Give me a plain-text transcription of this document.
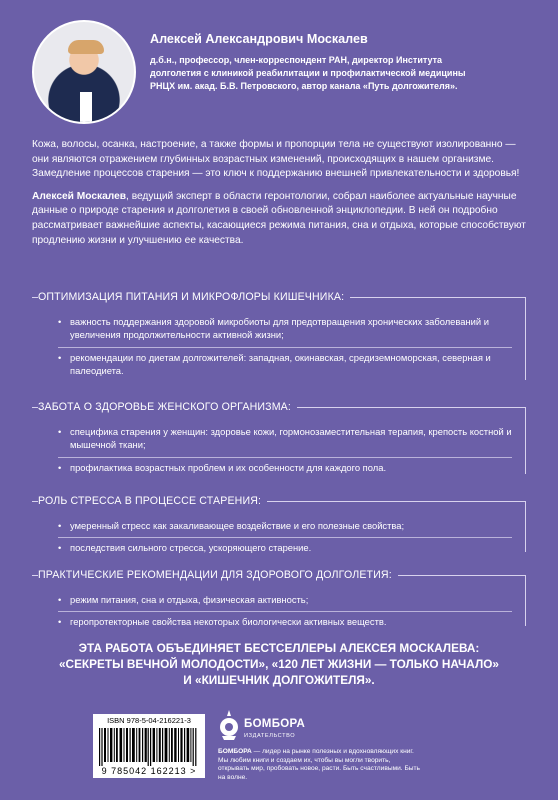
Алексей Александрович Москалев
д.б.н., профессор, член-корреспондент РАН, директор Института долголетия с клиникой реабилитации и профилактической медицины РНЦХ им. акад. Б.В. Петровского, автор канала «Путь долгожителя».

Кожа, волосы, осанка, настроение, а также формы и пропорции тела не существуют изолированно — они являются отражением глубинных возрастных изменений, происходящих в нашем организме. Замедление процессов старения — это ключ к поддержанию внешней привлекательности и здоровья!

Алексей Москалев, ведущий эксперт в области геронтологии, собрал наиболее актуальные научные данные о природе старения и долголетия в своей обновленной энциклопедии. В ней он подробно рассматривает важнейшие аспекты, касающиеся режима питания, сна и отдыха, которые способствуют продлению жизни и улучшению ее качества.

ОПТИМИЗАЦИЯ ПИТАНИЯ И МИКРОФЛОРЫ КИШЕЧНИКА:
• важность поддержания здоровой микробиоты для предотвращения хронических заболеваний и увеличения продолжительности активной жизни;
• рекомендации по диетам долгожителей: западная, окинавская, средиземноморская, северная и палеодиета.
ЗАБОТА О ЗДОРОВЬЕ ЖЕНСКОГО ОРГАНИЗМА:
• специфика старения у женщин: здоровье кожи, гормонозаместительная терапия, крепость костной и мышечной ткани;
• профилактика возрастных проблем и их особенности для каждого пола.
РОЛЬ СТРЕССА В ПРОЦЕССЕ СТАРЕНИЯ:
• умеренный стресс как закаливающее воздействие и его полезные свойства;
• последствия сильного стресса, ускоряющего старение.
ПРАКТИЧЕСКИЕ РЕКОМЕНДАЦИИ ДЛЯ ЗДОРОВОГО ДОЛГОЛЕТИЯ:
• режим питания, сна и отдыха, физическая активность;
• геропротекторные свойства некоторых биологически активных веществ.
ЭТА РАБОТА ОБЪЕДИНЯЕТ БЕСТСЕЛЛЕРЫ АЛЕКСЕЯ МОСКАЛЕВА:
«СЕКРЕТЫ ВЕЧНОЙ МОЛОДОСТИ», «120 ЛЕТ ЖИЗНИ — ТОЛЬКО НАЧАЛО»
И «КИШЕЧНИК ДОЛГОЖИТЕЛЯ».
ISBN 978-5-04-216221-3
9 785042 162213 >
БОМБОРА
ИЗДАТЕЛЬСТВО
БОМБОРА — лидер на рынке полезных и вдохновляющих книг. Мы любим книги и создаем их, чтобы вы могли творить, открывать мир, пробовать новое, расти. Быть счастливыми. Быть на волне.
